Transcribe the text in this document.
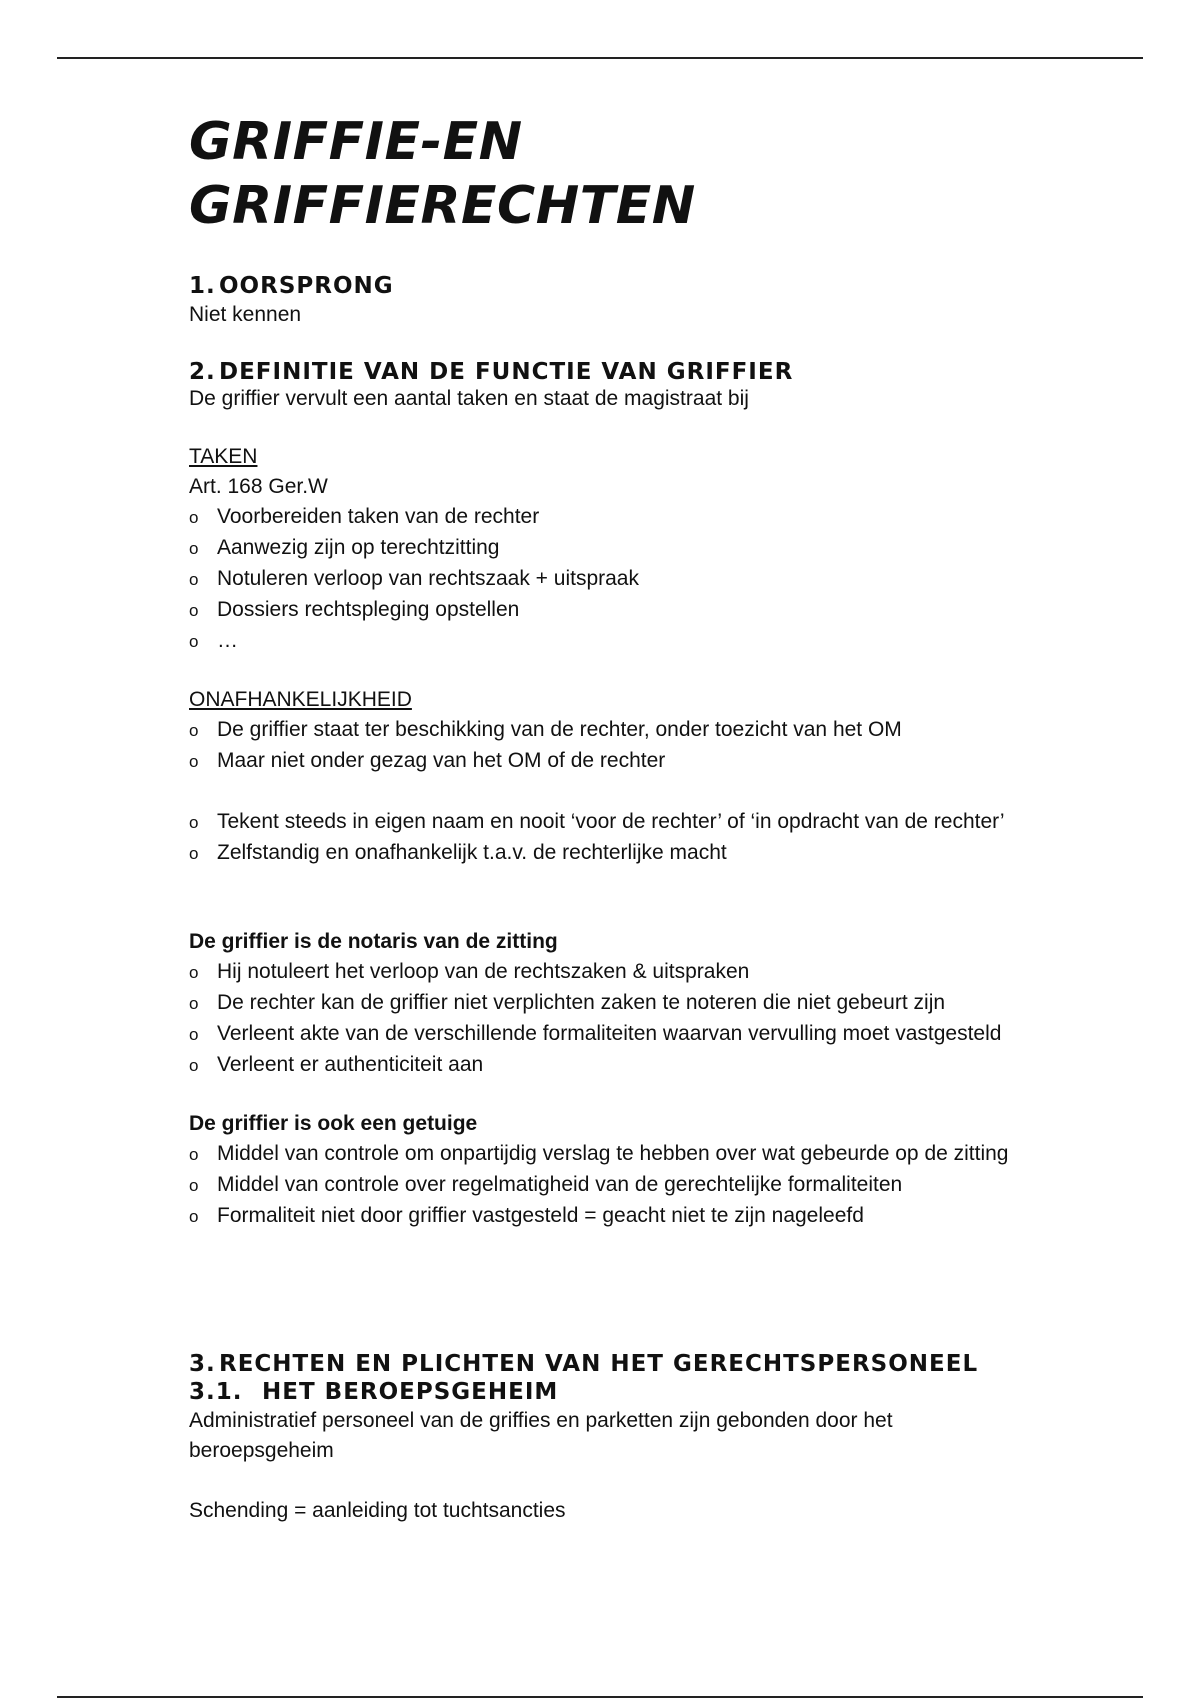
GRIFFIE-EN
GRIFFIERECHTEN
1. OORSPRONG

Niet kennen

2. DEFINITIE VAN DE FUNCTIE VAN GRIFFIER

De griffier vervult een aantal taken en staat de magistraat bij

TAKEN

Art. 168 Ger.W

o Voorbereiden taken van de rechter
o Aanwezig zijn op terechtzitting
o Notuleren verloop van rechtszaak + uitspraak
o Dossiers rechtspleging opstellen
o …

ONAFHANKELIJKHEID

o De griffier staat ter beschikking van de rechter, onder toezicht van het OM
o Maar niet onder gezag van het OM of de rechter
o Tekent steeds in eigen naam en nooit ‘voor de rechter’ of ‘in opdracht van de rechter’
o Zelfstandig en onafhankelijk t.a.v. de rechterlijke macht

De griffier is de notaris van de zitting

o Hij notuleert het verloop van de rechtszaken & uitspraken
o De rechter kan de griffier niet verplichten zaken te noteren die niet gebeurt zijn
o Verleent akte van de verschillende formaliteiten waarvan vervulling moet vastgesteld
o Verleent er authenticiteit aan

De griffier is ook een getuige

o Middel van controle om onpartijdig verslag te hebben over wat gebeurde op de zitting
o Middel van controle over regelmatigheid van de gerechtelijke formaliteiten
o Formaliteit niet door griffier vastgesteld = geacht niet te zijn nageleefd
3. RECHTEN EN PLICHTEN VAN HET GERECHTSPERSONEEL
3.1. HET BEROEPSGEHEIM

Administratief personeel van de griffies en parketten zijn gebonden door het beroepsgeheim

Schending = aanleiding tot tuchtsancties
